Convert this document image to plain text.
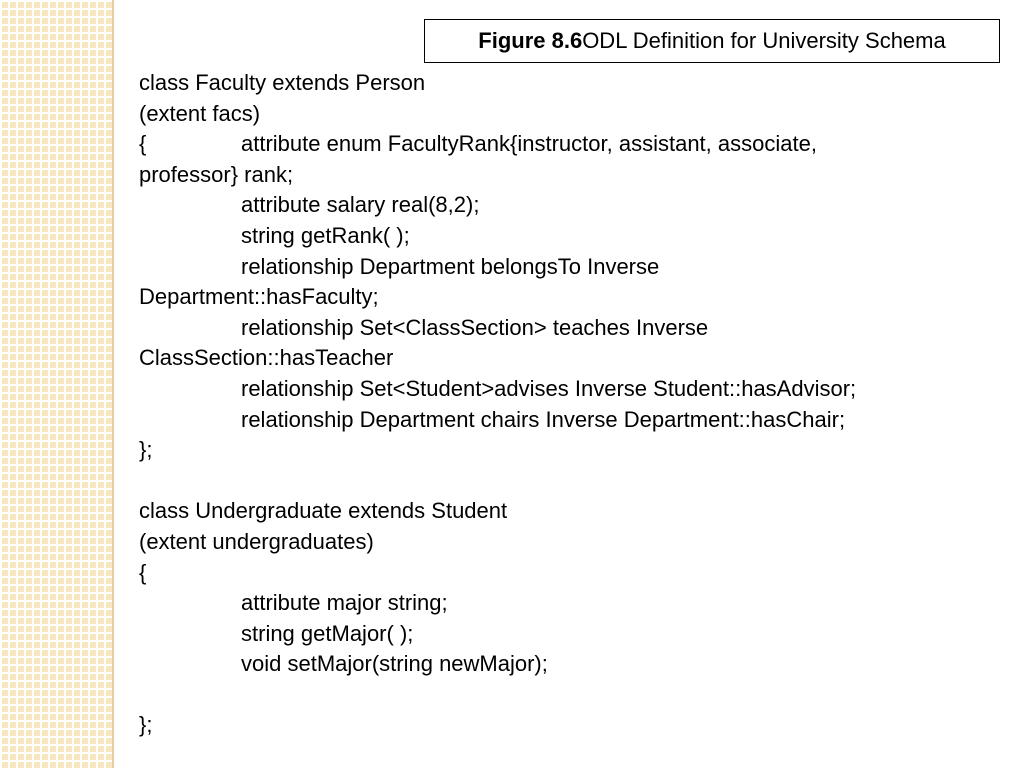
Figure 8.6 ODL Definition for University Schema
class Faculty extends Person
(extent facs)
{	attribute enum FacultyRank{instructor, assistant, associate,
professor} rank;
attribute salary real(8,2);
string getRank( );
relationship Department belongsTo Inverse
Department::hasFaculty;
relationship Set<ClassSection> teaches Inverse
ClassSection::hasTeacher
relationship Set<Student>advises Inverse Student::hasAdvisor;
relationship Department chairs Inverse Department::hasChair;
};
class Undergraduate extends Student
(extent undergraduates)
{
attribute major string;
string getMajor( );
void setMajor(string newMajor);
};
